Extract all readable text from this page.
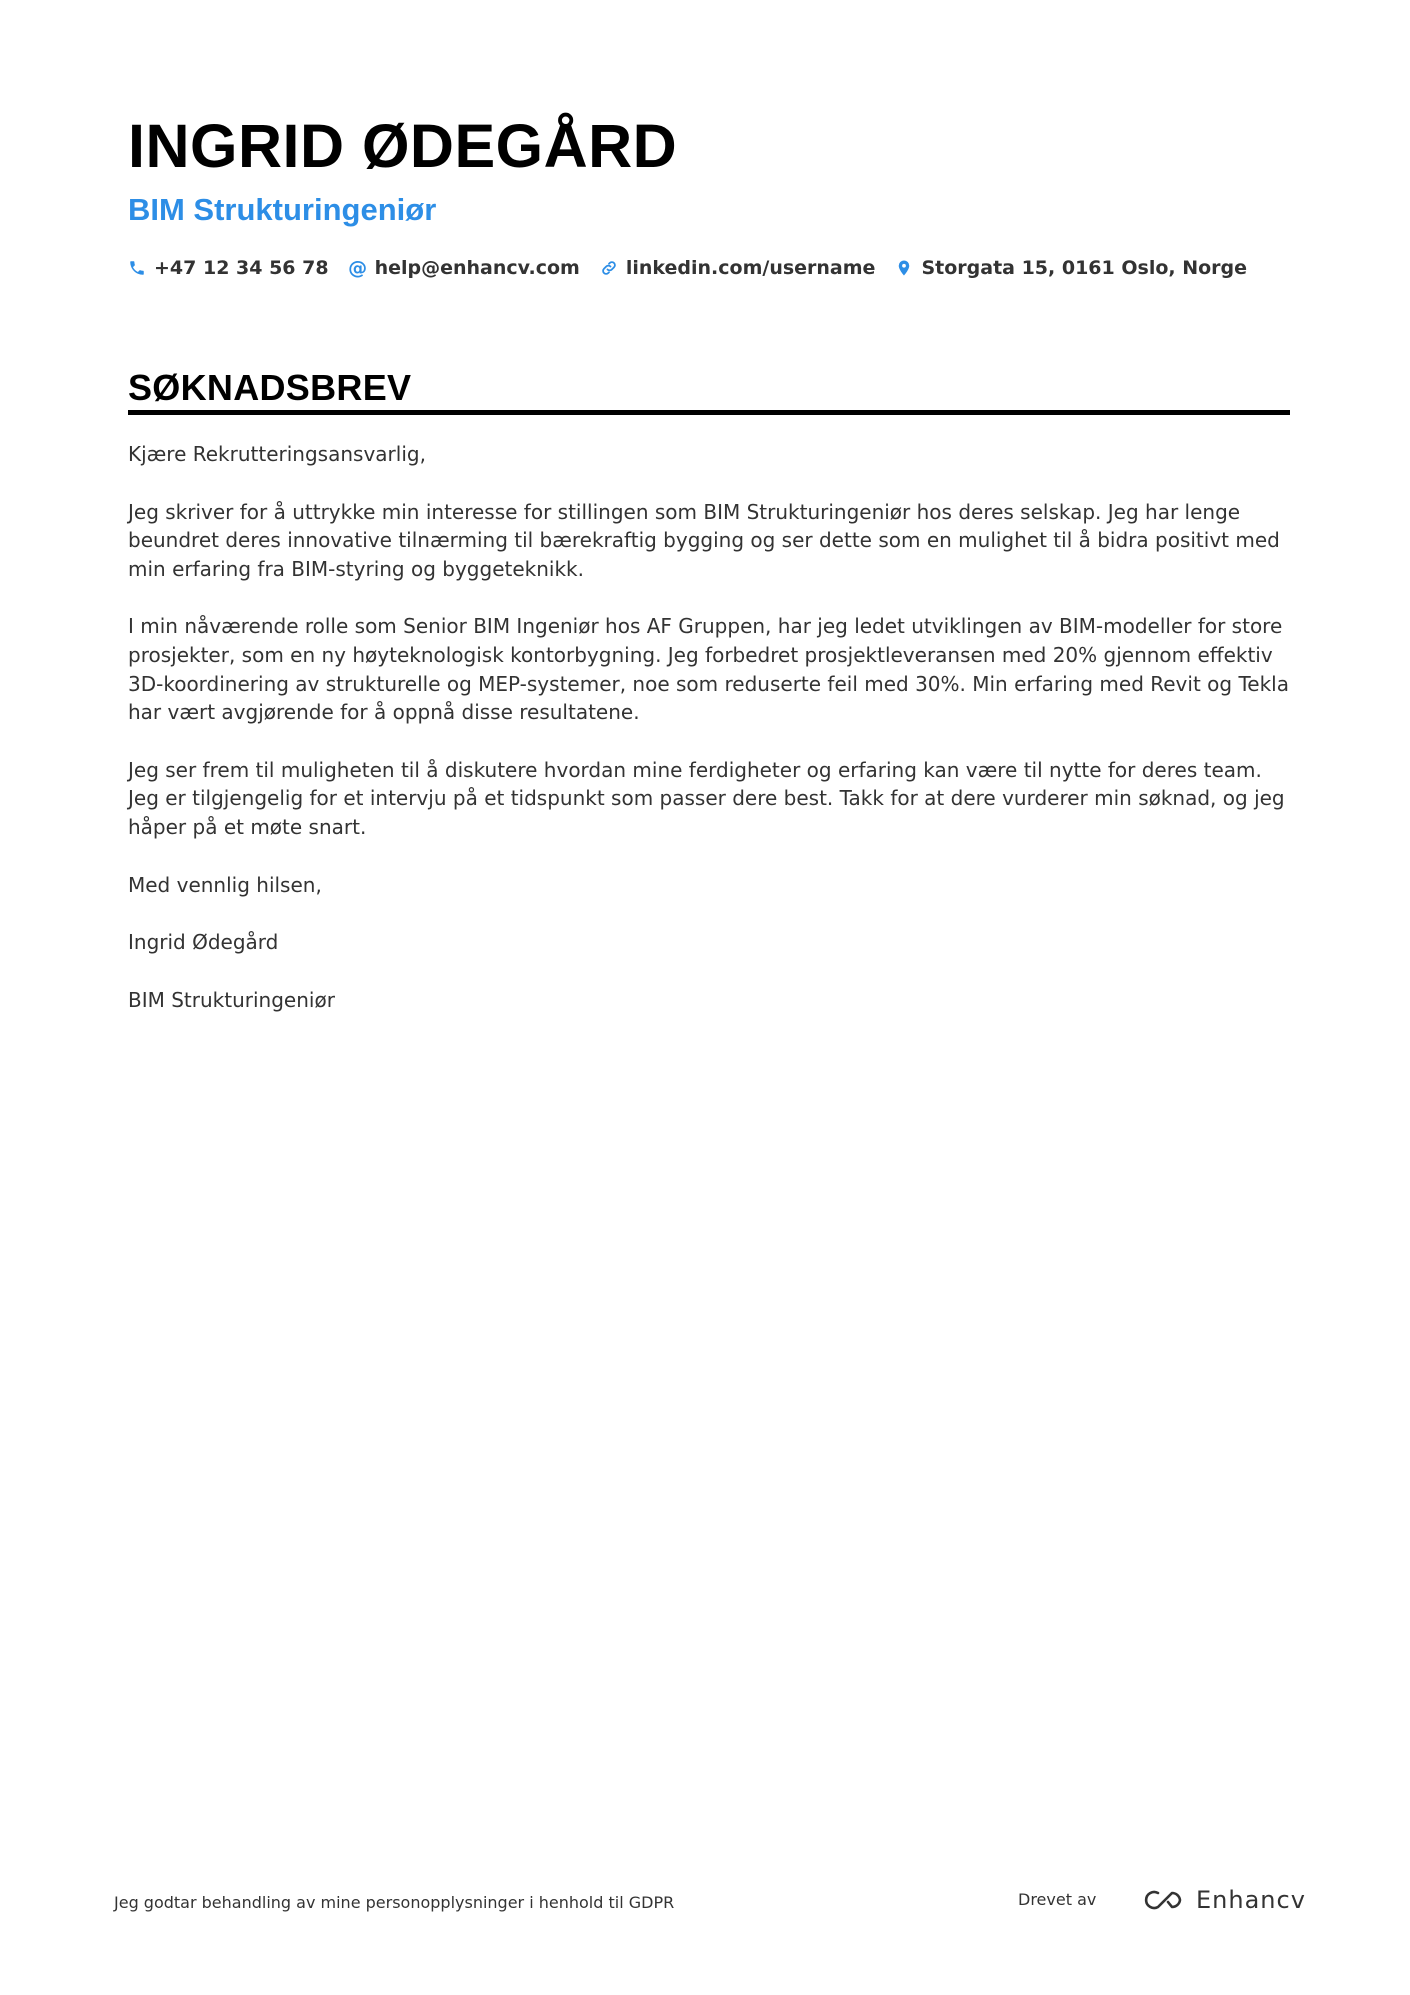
INGRID ØDEGÅRD
BIM Strukturingeniør
+47 12 34 56 78 @ help@enhancv.com linkedin.com/username Storgata 15, 0161 Oslo, Norge
SØKNADSBREV

Kjære Rekrutteringsansvarlig,

Jeg skriver for å uttrykke min interesse for stillingen som BIM Strukturingeniør hos deres selskap. Jeg har lenge beundret deres innovative tilnærming til bærekraftig bygging og ser dette som en mulighet til å bidra positivt med min erfaring fra BIM-styring og byggeteknikk.

I min nåværende rolle som Senior BIM Ingeniør hos AF Gruppen, har jeg ledet utviklingen av BIM-modeller for store prosjekter, som en ny høyteknologisk kontorbygning. Jeg forbedret prosjektleveransen med 20% gjennom effektiv 3D-koordinering av strukturelle og MEP-systemer, noe som reduserte feil med 30%. Min erfaring med Revit og Tekla har vært avgjørende for å oppnå disse resultatene.

Jeg ser frem til muligheten til å diskutere hvordan mine ferdigheter og erfaring kan være til nytte for deres team. Jeg er tilgjengelig for et intervju på et tidspunkt som passer dere best. Takk for at dere vurderer min søknad, og jeg håper på et møte snart.

Med vennlig hilsen,

Ingrid Ødegård

BIM Strukturingeniør

Jeg godtar behandling av mine personopplysninger i henhold til GDPR	Drevet av	Enhancv
